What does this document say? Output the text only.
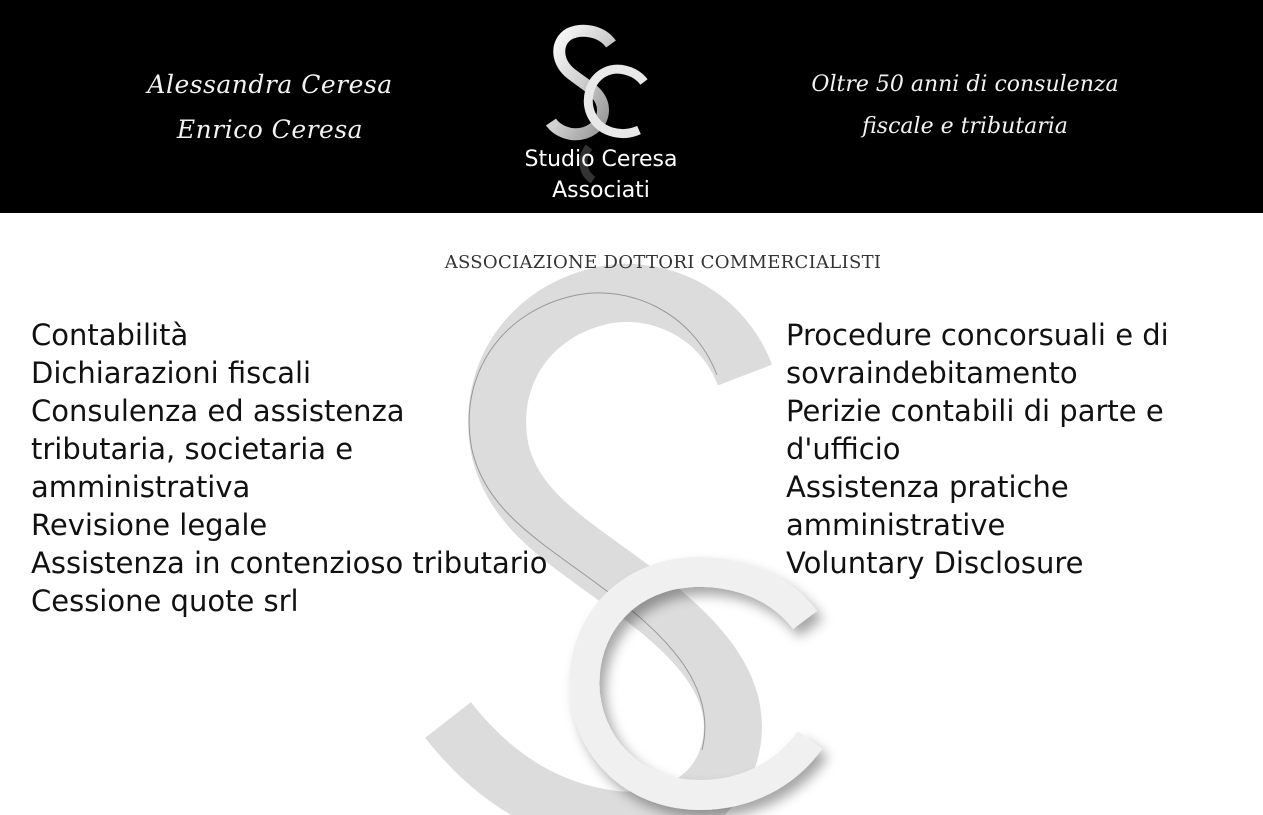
Alessandra Ceresa
Enrico Ceresa
Studio Ceresa
Associati
Oltre 50 anni di consulenza
fiscale e tributaria
ASSOCIAZIONE DOTTORI COMMERCIALISTI
Contabilità
Dichiarazioni fiscali
Consulenza ed assistenza tributaria, societaria e amministrativa
Revisione legale
Assistenza in contenzioso tributario
Cessione quote srl
Procedure concorsuali e di sovraindebitamento
Perizie contabili di parte e d'ufficio
Assistenza pratiche amministrative
Voluntary Disclosure
